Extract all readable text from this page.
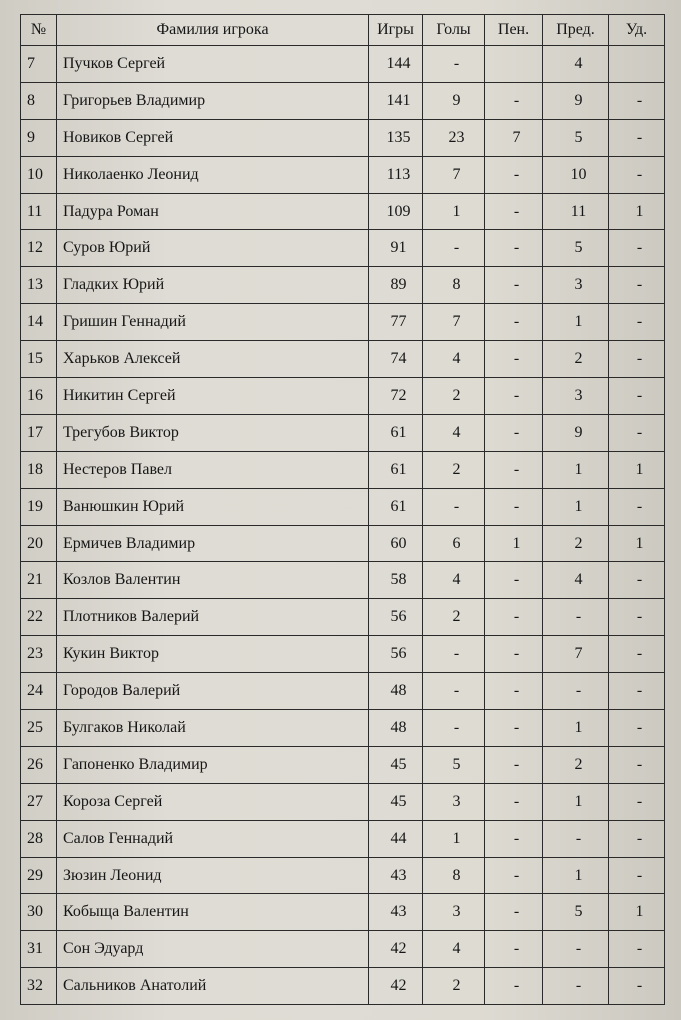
№	Фамилия игрока	Игры	Голы	Пен.	Пред.	Уд.
7	Пучков Сергей	144	-		4	
8	Григорьев Владимир	141	9	-	9	-
9	Новиков Сергей	135	23	7	5	-
10	Николаенко Леонид	113	7	-	10	-
11	Падура Роман	109	1	-	11	1
12	Суров Юрий	91	-	-	5	-
13	Гладких Юрий	89	8	-	3	-
14	Гришин Геннадий	77	7	-	1	-
15	Харьков Алексей	74	4	-	2	-
16	Никитин Сергей	72	2	-	3	-
17	Трегубов Виктор	61	4	-	9	-
18	Нестеров Павел	61	2	-	1	1
19	Ванюшкин Юрий	61	-	-	1	-
20	Ермичев Владимир	60	6	1	2	1
21	Козлов Валентин	58	4	-	4	-
22	Плотников Валерий	56	2	-	-	-
23	Кукин Виктор	56	-	-	7	-
24	Городов Валерий	48	-	-	-	-
25	Булгаков Николай	48	-	-	1	-
26	Гапоненко Владимир	45	5	-	2	-
27	Короза Сергей	45	3	-	1	-
28	Салов Геннадий	44	1	-	-	-
29	Зюзин Леонид	43	8	-	1	-
30	Кобыща Валентин	43	3	-	5	1
31	Сон Эдуард	42	4	-	-	-
32	Сальников Анатолий	42	2	-	-	-
